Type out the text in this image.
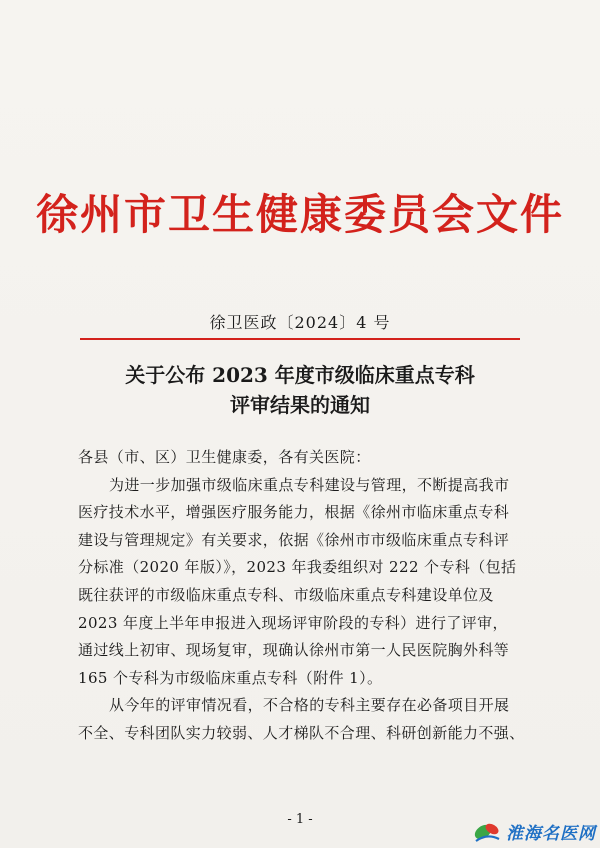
徐州市卫生健康委员会文件
徐卫医政〔2024〕4 号
关于公布 2023 年度市级临床重点专科
评审结果的通知
各县（市、区）卫生健康委，各有关医院：
为进一步加强市级临床重点专科建设与管理，不断提高我市
医疗技术水平，增强医疗服务能力，根据《徐州市临床重点专科
建设与管理规定》有关要求，依据《徐州市市级临床重点专科评
分标准（2020 年版）》，2023 年我委组织对 222 个专科（包括
既往获评的市级临床重点专科、市级临床重点专科建设单位及
2023 年度上半年申报进入现场评审阶段的专科）进行了评审，
通过线上初审、现场复审，现确认徐州市第一人民医院胸外科等
165 个专科为市级临床重点专科（附件 1）。
从今年的评审情况看，不合格的专科主要存在必备项目开展
不全、专科团队实力较弱、人才梯队不合理、科研创新能力不强、
- 1 -
淮海名医网
